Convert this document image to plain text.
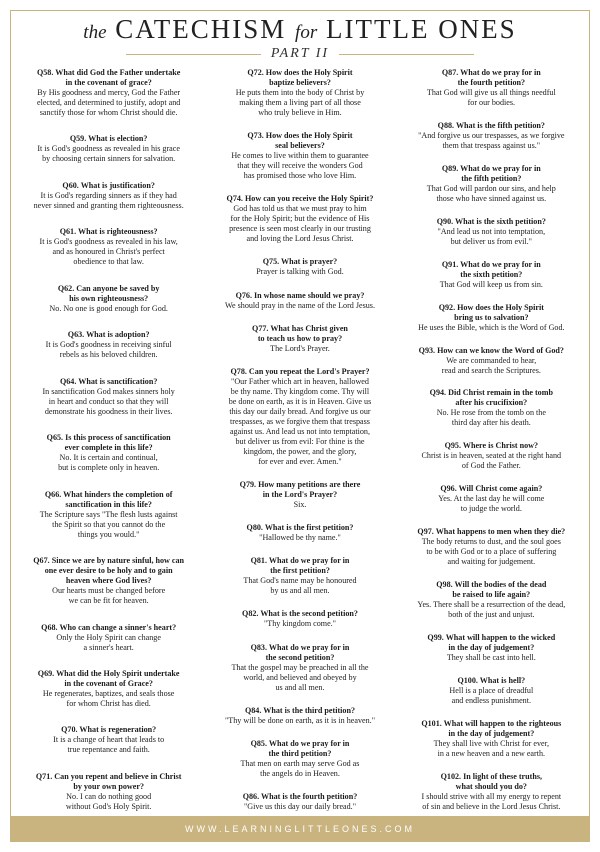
the CATECHISM for LITTLE ONES
PART II
Q58. What did God the Father undertake
in the covenant of grace?
By His goodness and mercy, God the Father
elected, and determined to justify, adopt and
sanctify those for whom Christ should die.
Q59. What is election?
It is God's goodness as revealed in his grace
by choosing certain sinners for salvation.
Q60. What is justification?
It is God's regarding sinners as if they had
never sinned and granting them righteousness.
Q61. What is righteousness?
It is God's goodness as revealed in his law,
and as honoured in Christ's perfect
obedience to that law.
Q62. Can anyone be saved by
his own righteousness?
No. No one is good enough for God.
Q63. What is adoption?
It is God's goodness in receiving sinful
rebels as his beloved children.
Q64. What is sanctification?
In sanctification God makes sinners holy
in heart and conduct so that they will
demonstrate his goodness in their lives.
Q65. Is this process of sanctification
ever complete in this life?
No. It is certain and continual,
but is complete only in heaven.
Q66. What hinders the completion of
sanctification in this life?
The Scripture says "The flesh lusts against
the Spirit so that you cannot do the
things you would."
Q67. Since we are by nature sinful, how can
one ever desire to be holy and to gain
heaven where God lives?
Our hearts must be changed before
we can be fit for heaven.
Q68. Who can change a sinner's heart?
Only the Holy Spirit can change
a sinner's heart.
Q69. What did the Holy Spirit undertake
in the covenant of Grace?
He regenerates, baptizes, and seals those
for whom Christ has died.
Q70. What is regeneration?
It is a change of heart that leads to
true repentance and faith.
Q71. Can you repent and believe in Christ
by your own power?
No. I can do nothing good
without God's Holy Spirit.
Q72. How does the Holy Spirit
baptize believers?
He puts them into the body of Christ by
making them a living part of all those
who truly believe in Him.
Q73. How does the Holy Spirit
seal believers?
He comes to live within them to guarantee
that they will receive the wonders God
has promised those who love Him.
Q74. How can you receive the Holy Spirit?
God has told us that we must pray to him
for the Holy Spirit; but the evidence of His
presence is seen most clearly in our trusting
and loving the Lord Jesus Christ.
Q75. What is prayer?
Prayer is talking with God.
Q76. In whose name should we pray?
We should pray in the name of the Lord Jesus.
Q77. What has Christ given
to teach us how to pray?
The Lord's Prayer.
Q78. Can you repeat the Lord's Prayer?
"Our Father which art in heaven, hallowed
be thy name. Thy kingdom come. Thy will
be done on earth, as it is in Heaven. Give us
this day our daily bread. And forgive us our
trespasses, as we forgive them that trespass
against us. And lead us not into temptation,
but deliver us from evil: For thine is the
kingdom, the power, and the glory,
for ever and ever. Amen."
Q79. How many petitions are there
in the Lord's Prayer?
Six.
Q80. What is the first petition?
"Hallowed be thy name."
Q81. What do we pray for in
the first petition?
That God's name may be honoured
by us and all men.
Q82. What is the second petition?
"Thy kingdom come."
Q83. What do we pray for in
the second petition?
That the gospel may be preached in all the
world, and believed and obeyed by
us and all men.
Q84. What is the third petition?
"Thy will be done on earth, as it is in heaven."
Q85. What do we pray for in
the third petition?
That men on earth may serve God as
the angels do in Heaven.
Q86. What is the fourth petition?
"Give us this day our daily bread."
Q87. What do we pray for in
the fourth petition?
That God will give us all things needful
for our bodies.
Q88. What is the fifth petition?
"And forgive us our trespasses, as we forgive
them that trespass against us."
Q89. What do we pray for in
the fifth petition?
That God will pardon our sins, and help
those who have sinned against us.
Q90. What is the sixth petition?
"And lead us not into temptation,
but deliver us from evil."
Q91. What do we pray for in
the sixth petition?
That God will keep us from sin.
Q92. How does the Holy Spirit
bring us to salvation?
He uses the Bible, which is the Word of God.
Q93. How can we know the Word of God?
We are commanded to hear,
read and search the Scriptures.
Q94. Did Christ remain in the tomb
after his crucifixion?
No. He rose from the tomb on the
third day after his death.
Q95. Where is Christ now?
Christ is in heaven, seated at the right hand
of God the Father.
Q96. Will Christ come again?
Yes. At the last day he will come
to judge the world.
Q97. What happens to men when they die?
The body returns to dust, and the soul goes
to be with God or to a place of suffering
and waiting for judgement.
Q98. Will the bodies of the dead
be raised to life again?
Yes. There shall be a resurrection of the dead,
both of the just and unjust.
Q99. What will happen to the wicked
in the day of judgement?
They shall be cast into hell.
Q100. What is hell?
Hell is a place of dreadful
and endless punishment.
Q101. What will happen to the righteous
in the day of judgement?
They shall live with Christ for ever,
in a new heaven and a new earth.
Q102. In light of these truths,
what should you do?
I should strive with all my energy to repent
of sin and believe in the Lord Jesus Christ.
WWW.LEARNINGLITTLEONES.COM
